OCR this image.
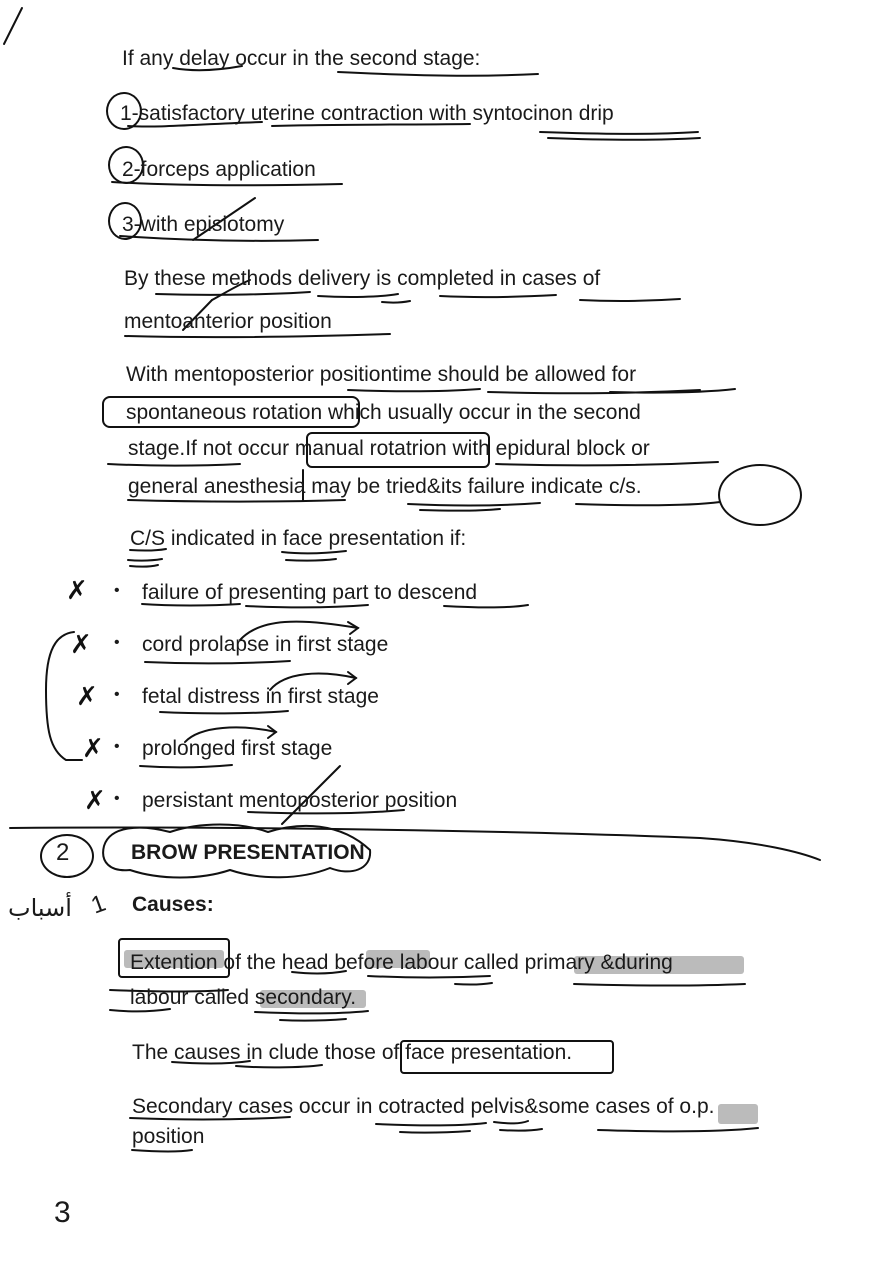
If any delay occur in the second stage:
1-satisfactory uterine contraction with syntocinon drip
2-forceps application
3-with episiotomy
By these methods delivery is completed in cases of
mentoanterior position
With mentoposterior positiontime should be allowed for
spontaneous rotation which usually occur in the second
stage.If not occur manual rotatrion with epidural block or
general anesthesia may be tried&its failure indicate c/s.
C/S indicated in face presentation if:
✗ • failure of presenting part to descend
✗ • cord prolapse in first stage
✗ • fetal distress in first stage
✗ • prolonged first stage
✗ • persistant mentoposterior position
2	BROW PRESENTATION
أسباب 1 Causes:
Extention of the head before labour called primary &during
labour called secondary.
The causes in clude those of face presentation.
Secondary cases occur in cotracted pelvis&some cases of o.p.
position
3
